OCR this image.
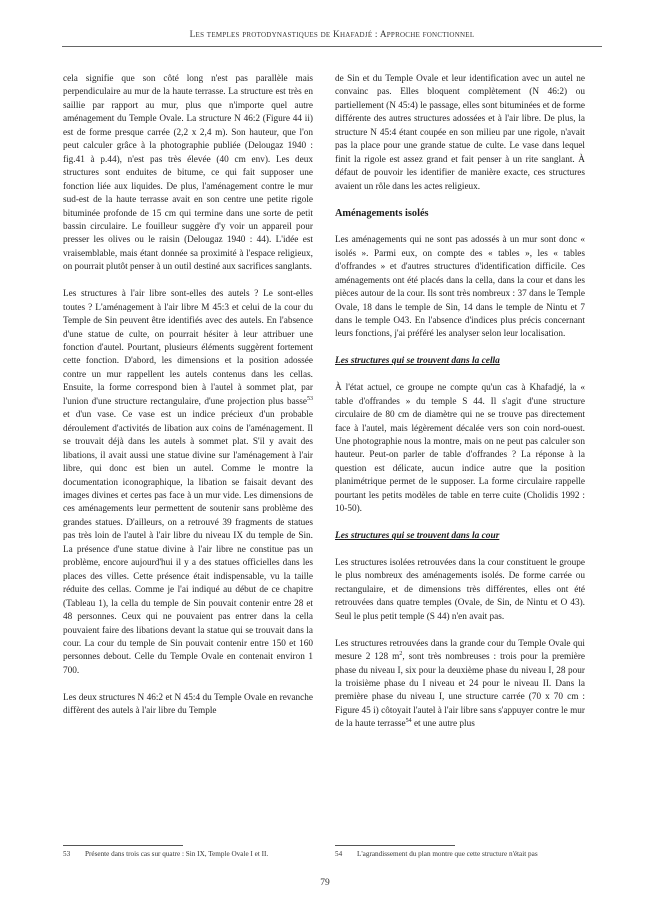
Les temples protodynastiques de Khafadjé : Approche fonctionnel

cela signifie que son côté long n'est pas parallèle mais perpendiculaire au mur de la haute terrasse. La structure est très en saillie par rapport au mur, plus que n'importe quel autre aménagement du Temple Ovale. La structure N 46:2 (Figure 44 ii) est de forme presque carrée (2,2 x 2,4 m). Son hauteur, que l'on peut calculer grâce à la photographie publiée (Delougaz 1940 : fig.41 à p.44), n'est pas très élevée (40 cm env). Les deux structures sont enduites de bitume, ce qui fait supposer une fonction liée aux liquides. De plus, l'aménagement contre le mur sud-est de la haute terrasse avait en son centre une petite rigole bituminée profonde de 15 cm qui termine dans une sorte de petit bassin circulaire. Le fouilleur suggère d'y voir un appareil pour presser les olives ou le raisin (Delougaz 1940 : 44). L'idée est vraisemblable, mais étant donnée sa proximité à l'espace religieux, on pourrait plutôt penser à un outil destiné aux sacrifices sanglants.

Les structures à l'air libre sont-elles des autels ? Le sont-elles toutes ? L'aménagement à l'air libre M 45:3 et celui de la cour du Temple de Sin peuvent être identifiés avec des autels. En l'absence d'une statue de culte, on pourrait hésiter à leur attribuer une fonction d'autel. Pourtant, plusieurs éléments suggèrent fortement cette fonction. D'abord, les dimensions et la position adossée contre un mur rappellent les autels contenus dans les cellas. Ensuite, la forme correspond bien à l'autel à sommet plat, par l'union d'une structure rectangulaire, d'une projection plus basse$^{53}$ et d'un vase. Ce vase est un indice précieux d'un probable déroulement d'activités de libation aux coins de l'aménagement. Il se trouvait déjà dans les autels à sommet plat. S'il y avait des libations, il avait aussi une statue divine sur l'aménagement à l'air libre, qui donc est bien un autel. Comme le montre la documentation iconographique, la libation se faisait devant des images divines et certes pas face à un mur vide. Les dimensions de ces aménagements leur permettent de soutenir sans problème des grandes statues. D'ailleurs, on a retrouvé 39 fragments de statues pas très loin de l'autel à l'air libre du niveau IX du temple de Sin. La présence d'une statue divine à l'air libre ne constitue pas un problème, encore aujourd'hui il y a des statues officielles dans les places des villes. Cette présence était indispensable, vu la taille réduite des cellas. Comme je l'ai indiqué au début de ce chapitre (Tableau 1), la cella du temple de Sin pouvait contenir entre 28 et 48 personnes. Ceux qui ne pouvaient pas entrer dans la cella pouvaient faire des libations devant la statue qui se trouvait dans la cour. La cour du temple de Sin pouvait contenir entre 150 et 160 personnes debout. Celle du Temple Ovale en contenait environ 1 700.

Les deux structures N 46:2 et N 45:4 du Temple Ovale en revanche diffèrent des autels à l'air libre du Temple

de Sin et du Temple Ovale et leur identification avec un autel ne convainc pas. Elles bloquent complètement (N 46:2) ou partiellement (N 45:4) le passage, elles sont bituminées et de forme différente des autres structures adossées et à l'air libre. De plus, la structure N 45:4 étant coupée en son milieu par une rigole, n'avait pas la place pour une grande statue de culte. Le vase dans lequel finit la rigole est assez grand et fait penser à un rite sanglant. À défaut de pouvoir les identifier de manière exacte, ces structures avaient un rôle dans les actes religieux.

Aménagements isolés

Les aménagements qui ne sont pas adossés à un mur sont donc « isolés ». Parmi eux, on compte des « tables », les « tables d'offrandes » et d'autres structures d'identification difficile. Ces aménagements ont été placés dans la cella, dans la cour et dans les pièces autour de la cour. Ils sont très nombreux : 37 dans le Temple Ovale, 18 dans le temple de Sin, 14 dans le temple de Nintu et 7 dans le temple O43. En l'absence d'indices plus précis concernant leurs fonctions, j'ai préféré les analyser selon leur localisation.

Les structures qui se trouvent dans la cella

À l'état actuel, ce groupe ne compte qu'un cas à Khafadjé, la « table d'offrandes » du temple S 44. Il s'agit d'une structure circulaire de 80 cm de diamètre qui ne se trouve pas directement face à l'autel, mais légèrement décalée vers son coin nord-ouest. Une photographie nous la montre, mais on ne peut pas calculer son hauteur. Peut-on parler de table d'offrandes ? La réponse à la question est délicate, aucun indice autre que la position planimétrique permet de le supposer. La forme circulaire rappelle pourtant les petits modèles de table en terre cuite (Cholidis 1992 : 10-50).

Les structures qui se trouvent dans la cour

Les structures isolées retrouvées dans la cour constituent le groupe le plus nombreux des aménagements isolés. De forme carrée ou rectangulaire, et de dimensions très différentes, elles ont été retrouvées dans quatre temples (Ovale, de Sin, de Nintu et O 43). Seul le plus petit temple (S 44) n'en avait pas.

Les structures retrouvées dans la grande cour du Temple Ovale qui mesure 2 128 $m^2$, sont très nombreuses : trois pour la première phase du niveau I, six pour la deuxième phase du niveau I, 28 pour la troisième phase du I niveau et 24 pour le niveau II. Dans la première phase du niveau I, une structure carrée (70 x 70 cm : Figure 45 i) côtoyait l'autel à l'air libre sans s'appuyer contre le mur de la haute terrasse$^{54}$ et une autre plus

53 Présente dans trois cas sur quatre : Sin IX, Temple Ovale I et II.	54 L'agrandissement du plan montre que cette structure n'était pas
79
